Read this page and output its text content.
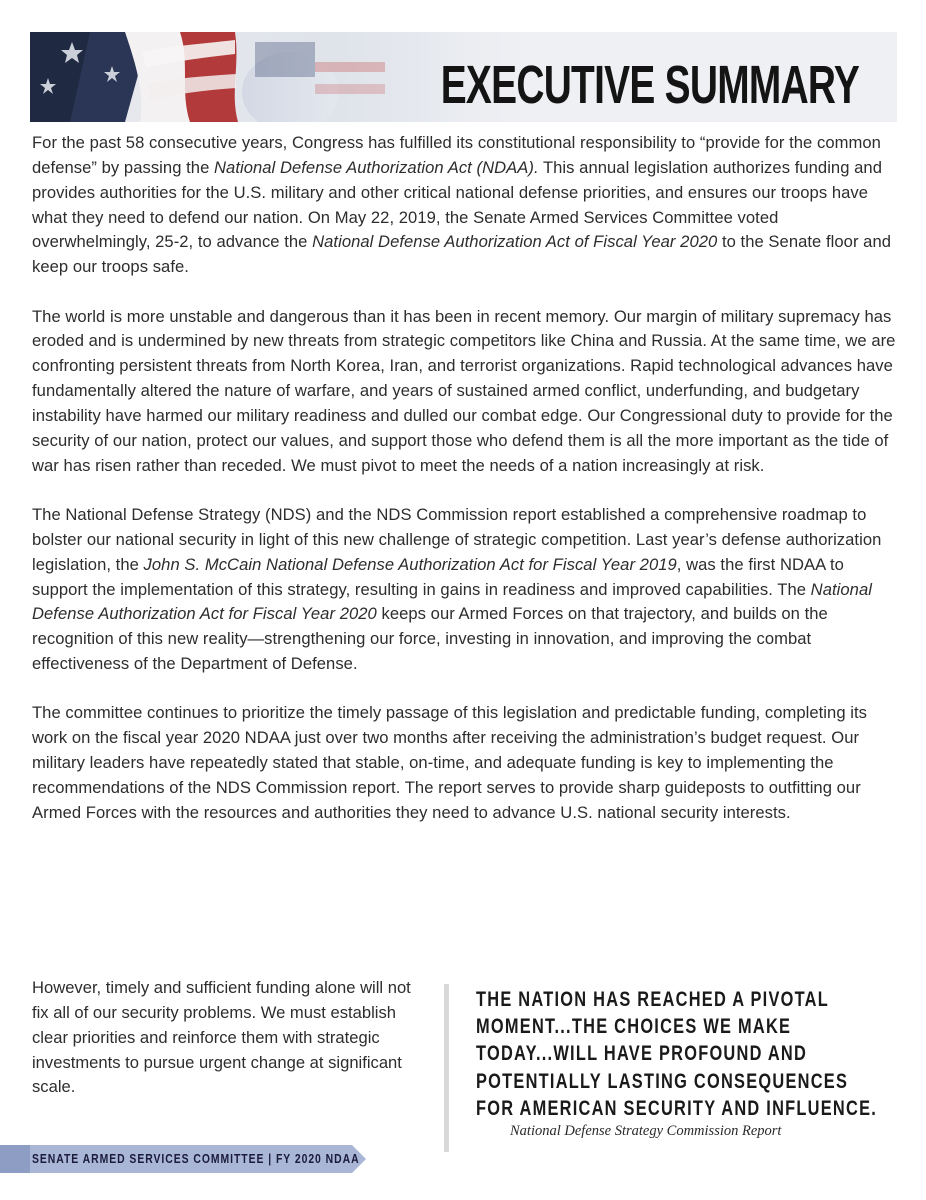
EXECUTIVE SUMMARY

For the past 58 consecutive years, Congress has fulfilled its constitutional responsibility to “provide for the common defense” by passing the National Defense Authorization Act (NDAA). This annual legislation authorizes funding and provides authorities for the U.S. military and other critical national defense priorities, and ensures our troops have what they need to defend our nation. On May 22, 2019, the Senate Armed Services Committee voted overwhelmingly, 25-2, to advance the National Defense Authorization Act of Fiscal Year 2020 to the Senate floor and keep our troops safe.

The world is more unstable and dangerous than it has been in recent memory. Our margin of military supremacy has eroded and is undermined by new threats from strategic competitors like China and Russia. At the same time, we are confronting persistent threats from North Korea, Iran, and terrorist organizations. Rapid technological advances have fundamentally altered the nature of warfare, and years of sustained armed conflict, underfunding, and budgetary instability have harmed our military readiness and dulled our combat edge. Our Congressional duty to provide for the security of our nation, protect our values, and support those who defend them is all the more important as the tide of war has risen rather than receded. We must pivot to meet the needs of a nation increasingly at risk.

The National Defense Strategy (NDS) and the NDS Commission report established a comprehensive roadmap to bolster our national security in light of this new challenge of strategic competition. Last year’s defense authorization legislation, the John S. McCain National Defense Authorization Act for Fiscal Year 2019, was the first NDAA to support the implementation of this strategy, resulting in gains in readiness and improved capabilities. The National Defense Authorization Act for Fiscal Year 2020 keeps our Armed Forces on that trajectory, and builds on the recognition of this new reality—strengthening our force, investing in innovation, and improving the combat effectiveness of the Department of Defense.

The committee continues to prioritize the timely passage of this legislation and predictable funding, completing its work on the fiscal year 2020 NDAA just over two months after receiving the administration’s budget request. Our military leaders have repeatedly stated that stable, on-time, and adequate funding is key to implementing the recommendations of the NDS Commission report. The report serves to provide sharp guideposts to outfitting our Armed Forces with the resources and authorities they need to advance U.S. national security interests.

However, timely and sufficient funding alone will not fix all of our security problems. We must establish clear priorities and reinforce them with strategic investments to pursue urgent change at significant scale.
THE NATION HAS REACHED A PIVOTAL MOMENT...THE CHOICES WE MAKE TODAY...WILL HAVE PROFOUND AND POTENTIALLY LASTING CONSEQUENCES FOR AMERICAN SECURITY AND INFLUENCE.
National Defense Strategy Commission Report
SENATE ARMED SERVICES COMMITTEE | FY 2020 NDAA
